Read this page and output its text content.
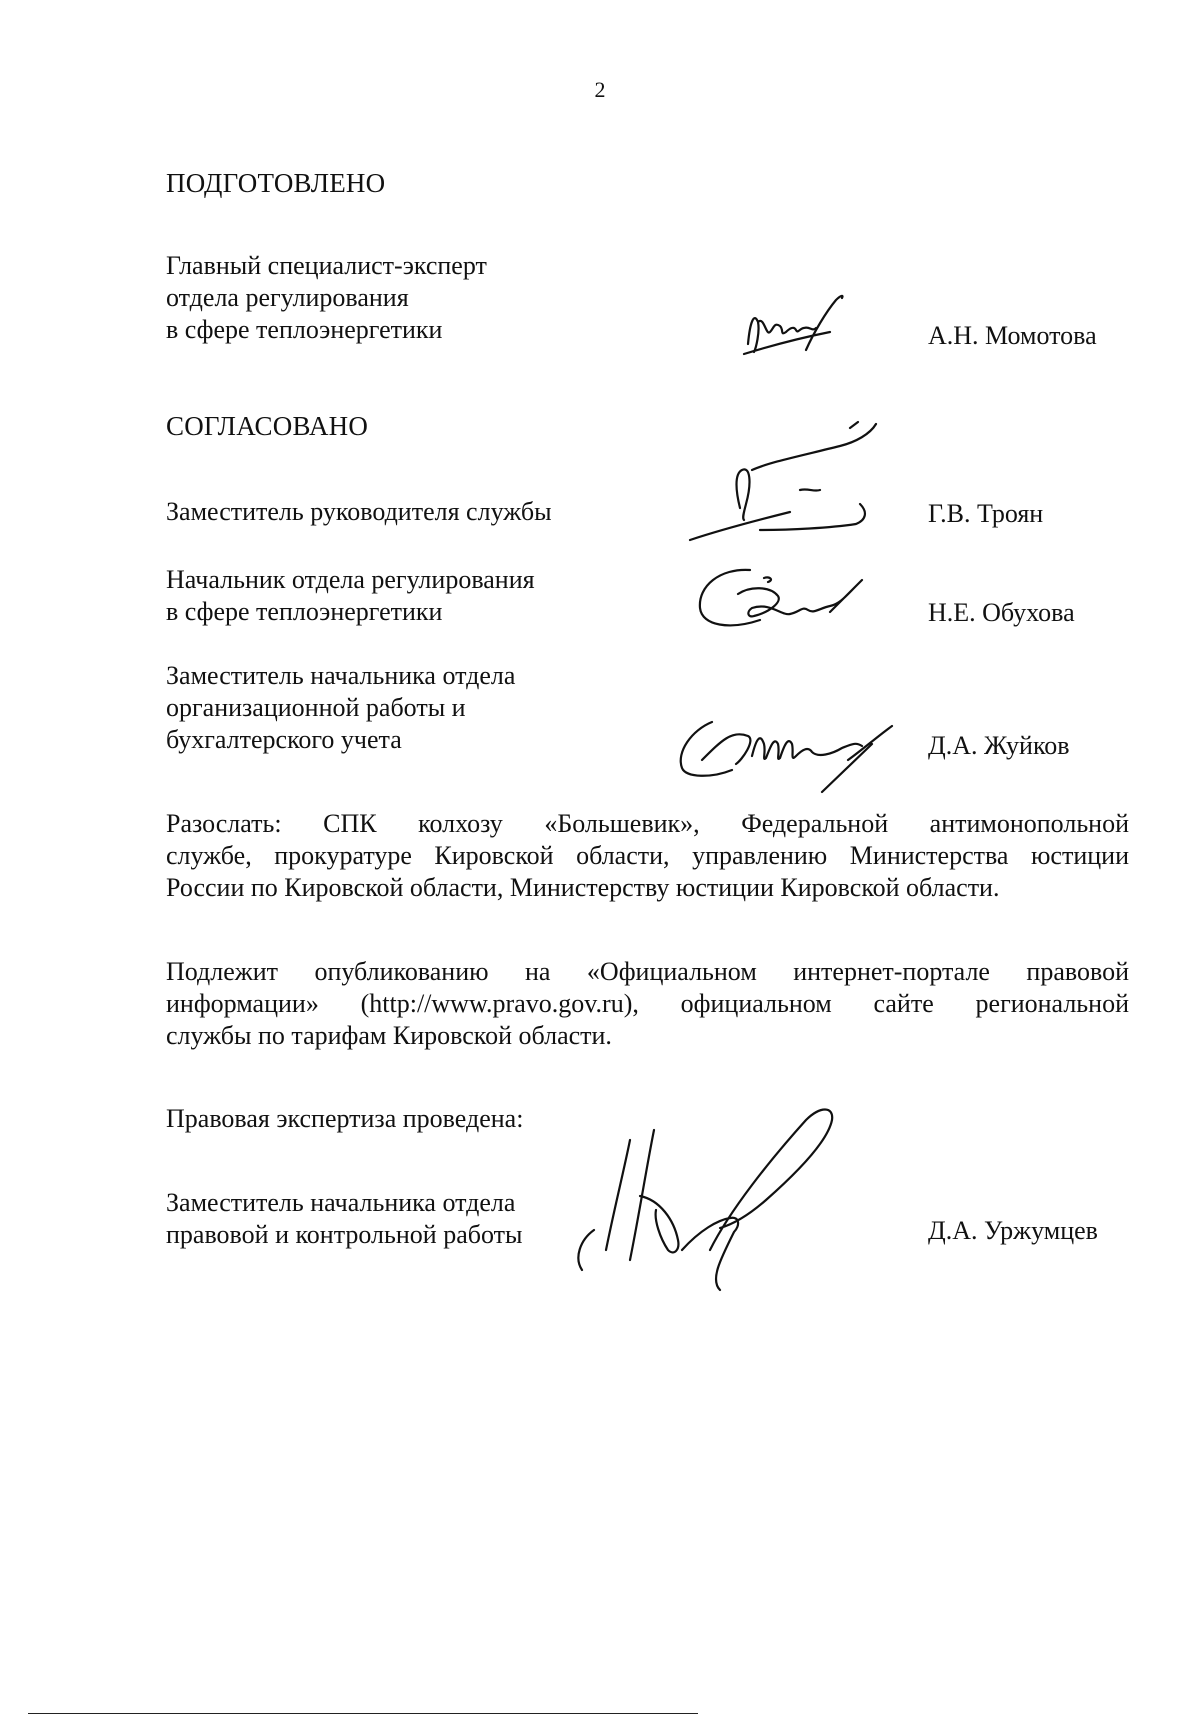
2
ПОДГОТОВЛЕНО
Главный специалист-эксперт
отдела регулирования
в сфере теплоэнергетики	А.Н. Момотова
СОГЛАСОВАНО
Заместитель руководителя службы	Г.В. Троян
Начальник отдела регулирования
в сфере теплоэнергетики	Н.Е. Обухова
Заместитель начальника отдела
организационной работы и
бухгалтерского учета	Д.А. Жуйков
Разослать: СПК колхозу «Большевик», Федеральной антимонопольной
службе, прокуратуре Кировской области, управлению Министерства юстиции
России по Кировской области, Министерству юстиции Кировской области.
Подлежит опубликованию на «Официальном интернет-портале правовой
информации» (http://www.pravo.gov.ru), официальном сайте региональной
службы по тарифам Кировской области.
Правовая экспертиза проведена:
Заместитель начальника отдела
правовой и контрольной работы	Д.А. Уржумцев
